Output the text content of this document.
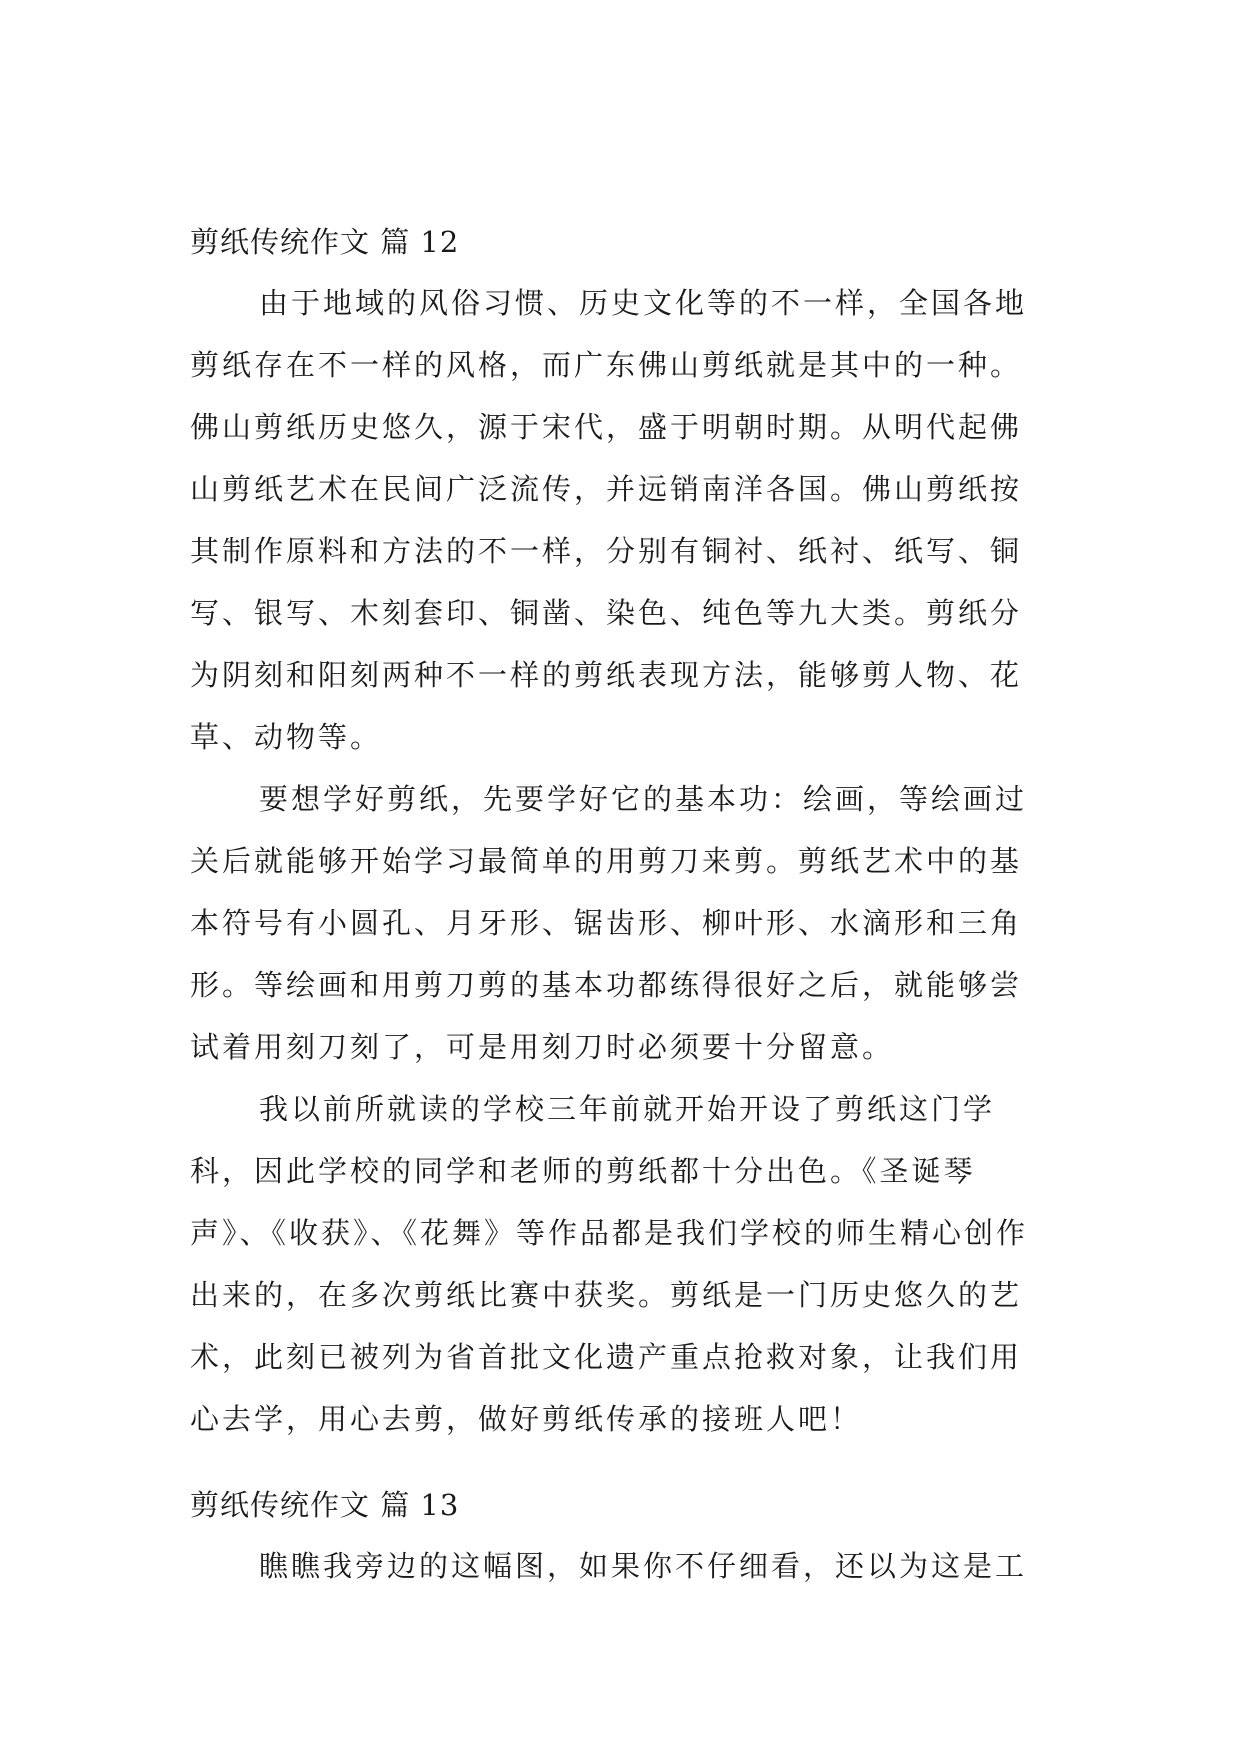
剪纸传统作文 篇 12
由于地域的风俗习惯、历史文化等的不一样，全国各地
剪纸存在不一样的风格，而广东佛山剪纸就是其中的一种。
佛山剪纸历史悠久，源于宋代，盛于明朝时期。从明代起佛
山剪纸艺术在民间广泛流传，并远销南洋各国。佛山剪纸按
其制作原料和方法的不一样，分别有铜衬、纸衬、纸写、铜
写、银写、木刻套印、铜凿、染色、纯色等九大类。剪纸分
为阴刻和阳刻两种不一样的剪纸表现方法，能够剪人物、花
草、动物等。
要想学好剪纸，先要学好它的基本功：绘画，等绘画过
关后就能够开始学习最简单的用剪刀来剪。剪纸艺术中的基
本符号有小圆孔、月牙形、锯齿形、柳叶形、水滴形和三角
形。等绘画和用剪刀剪的基本功都练得很好之后，就能够尝
试着用刻刀刻了，可是用刻刀时必须要十分留意。
我以前所就读的学校三年前就开始开设了剪纸这门学
科，因此学校的同学和老师的剪纸都十分出色。《圣诞琴
声》、《收获》、《花舞》等作品都是我们学校的师生精心创作
出来的，在多次剪纸比赛中获奖。剪纸是一门历史悠久的艺
术，此刻已被列为省首批文化遗产重点抢救对象，让我们用
心去学，用心去剪，做好剪纸传承的接班人吧！
剪纸传统作文 篇 13
瞧瞧我旁边的这幅图，如果你不仔细看，还以为这是工
